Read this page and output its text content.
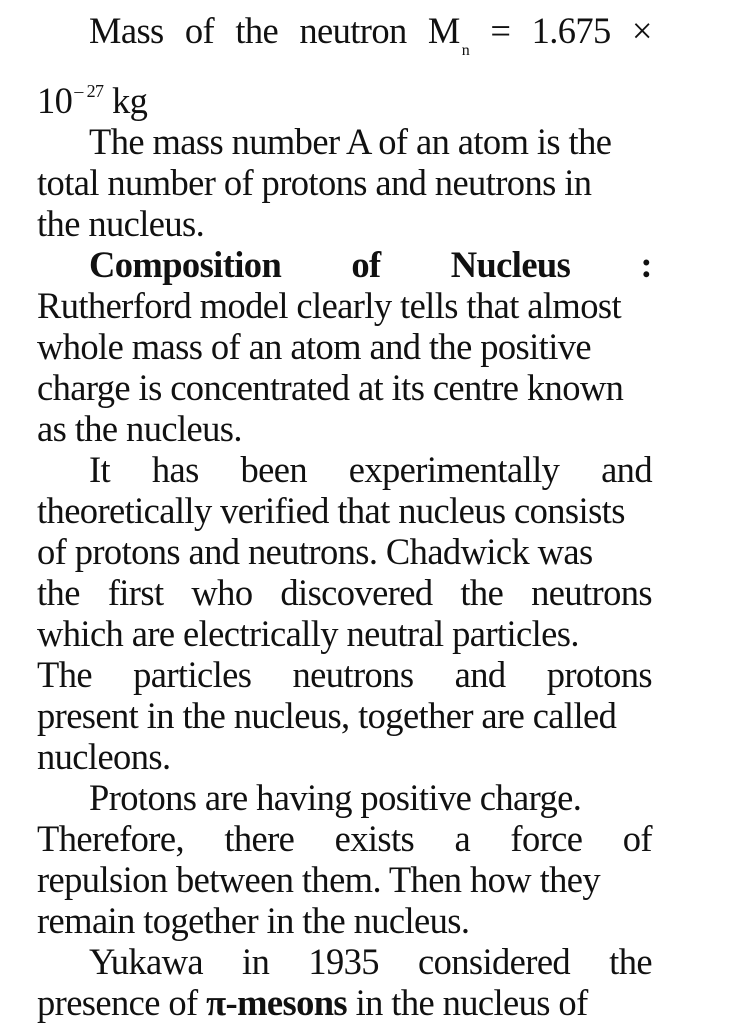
Mass of the neutron M $_n$ = 1.675 ×
10 $^{- 27}$ kg
The mass number A of an atom is the
total number of protons and neutrons in
the nucleus.
Composition of Nucleus :
Rutherford model clearly tells that almost
whole mass of an atom and the positive
charge is concentrated at its centre known
as the nucleus.
It has been experimentally and
theoretically verified that nucleus consists
of protons and neutrons. Chadwick was
the first who discovered the neutrons
which are electrically neutral particles.
The particles neutrons and protons
present in the nucleus, together are called
nucleons.
Protons are having positive charge.
Therefore, there exists a force of
repulsion between them. Then how they
remain together in the nucleus.
Yukawa in 1935 considered the
presence of π-mesons in the nucleus of
